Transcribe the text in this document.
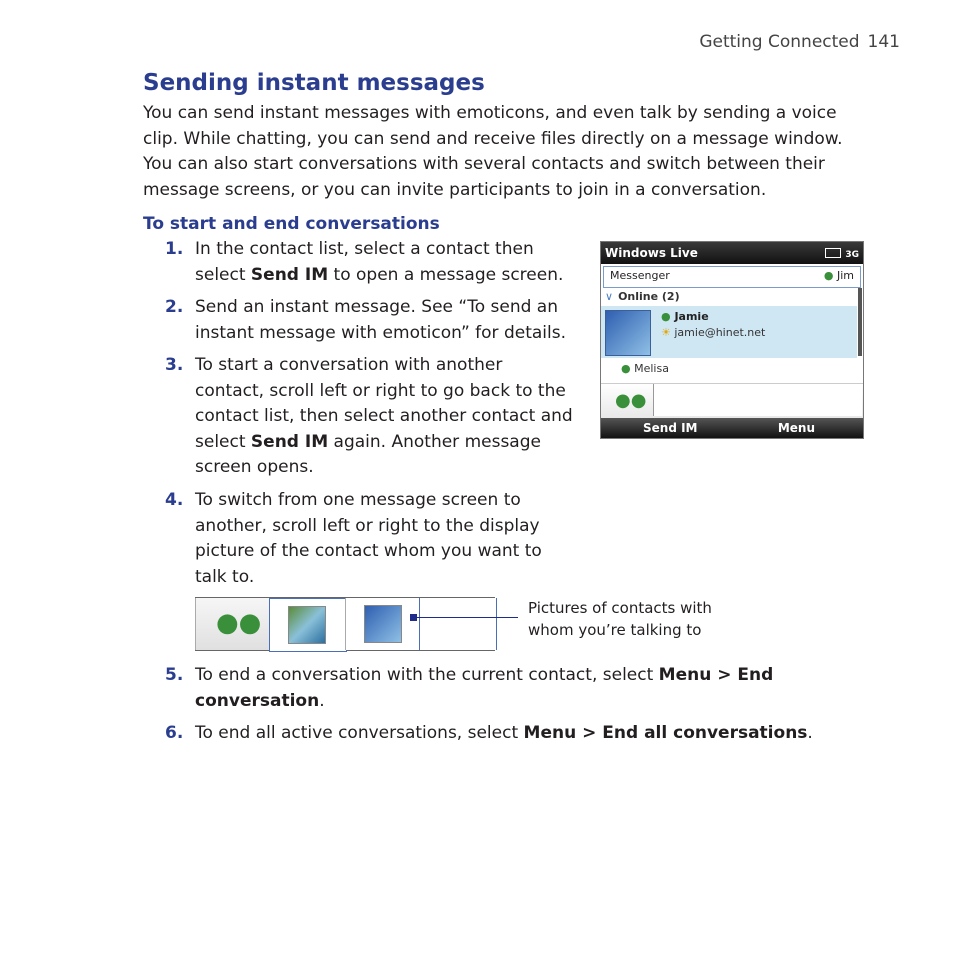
Getting Connected 141
Sending instant messages

You can send instant messages with emoticons, and even talk by sending a voice clip. While chatting, you can send and receive files directly on a message window. You can also start conversations with several contacts and switch between their message screens, or you can invite participants to join in a conversation.

To start and end conversations
1. In the contact list, select a contact then select Send IM to open a message screen.
2. Send an instant message. See “To send an instant message with emoticon” for details.
3. To start a conversation with another contact, scroll left or right to go back to the contact list, then select another contact and select Send IM again. Another message screen opens.
4. To switch from one message screen to another, scroll left or right to the display picture of the contact whom you want to talk to.
Windows Live	3G
Messenger	● Jim
∨ Online (2)
● Jamie
☀ jamie@hinet.net
● Melisa
●●
Send IM	Menu
●●	Pictures of contacts with whom you’re talking to
5. To end a conversation with the current contact, select Menu > End conversation.
6. To end all active conversations, select Menu > End all conversations.
